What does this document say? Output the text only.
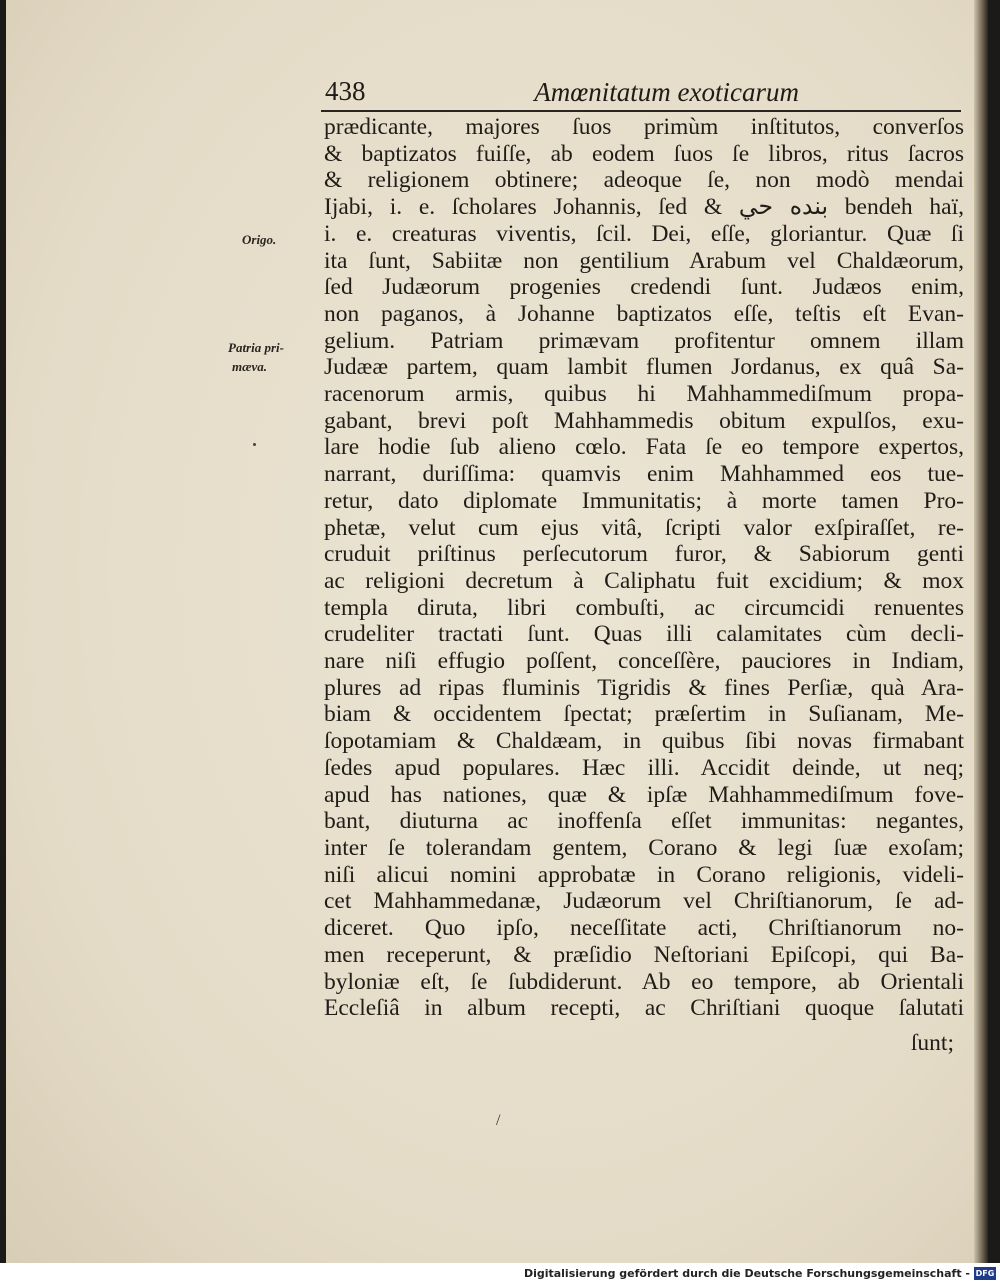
438	Amœnitatum exoticarum
Origo.
Patria pri-
mæva.
prædicante, majores ſuos primùm inſtitutos, converſos
& baptizatos fuiſſe, ab eodem ſuos ſe libros, ritus ſacros
& religionem obtinere; adeoque ſe, non modò mendai
Ijabi, i. e. ſcholares Johannis, ſed & بنده حي bendeh haï,
i. e. creaturas viventis, ſcil. Dei, eſſe, gloriantur. Quæ ſi
ita ſunt, Sabiitæ non gentilium Arabum vel Chaldæorum,
ſed Judæorum progenies credendi ſunt. Judæos enim,
non paganos, à Johanne baptizatos eſſe, teſtis eſt Evan-
gelium. Patriam primævam profitentur omnem illam
Judææ partem, quam lambit flumen Jordanus, ex quâ Sa-
racenorum armis, quibus hi Mahhammediſmum propa-
gabant, brevi poſt Mahhammedis obitum expulſos, exu-
lare hodie ſub alieno cœlo. Fata ſe eo tempore expertos,
narrant, duriſſima: quamvis enim Mahhammed eos tue-
retur, dato diplomate Immunitatis; à morte tamen Pro-
phetæ, velut cum ejus vitâ, ſcripti valor exſpiraſſet, re-
cruduit priſtinus perſecutorum furor, & Sabiorum genti
ac religioni decretum à Caliphatu fuit excidium; & mox
templa diruta, libri combuſti, ac circumcidi renuentes
crudeliter tractati ſunt. Quas illi calamitates cùm decli-
nare niſi effugio poſſent, conceſſère, pauciores in Indiam,
plures ad ripas fluminis Tigridis & fines Perſiæ, quà Ara-
biam & occidentem ſpectat; præſertim in Suſianam, Me-
ſopotamiam & Chaldæam, in quibus ſibi novas firmabant
ſedes apud populares. Hæc illi. Accidit deinde, ut neq;
apud has nationes, quæ & ipſæ Mahhammediſmum fove-
bant, diuturna ac inoffenſa eſſet immunitas: negantes,
inter ſe tolerandam gentem, Corano & legi ſuæ exoſam;
niſi alicui nomini approbatæ in Corano religionis, videli-
cet Mahhammedanæ, Judæorum vel Chriſtianorum, ſe ad-
diceret. Quo ipſo, neceſſitate acti, Chriſtianorum no-
men receperunt, & præſidio Neſtoriani Epiſcopi, qui Ba-
byloniæ eſt, ſe ſubdiderunt. Ab eo tempore, ab Orientali
Eccleſiâ in album recepti, ac Chriſtiani quoque ſalutati
ſunt;
/
Digitalisierung gefördert durch die Deutsche Forschungsgemeinschaft - DFG
